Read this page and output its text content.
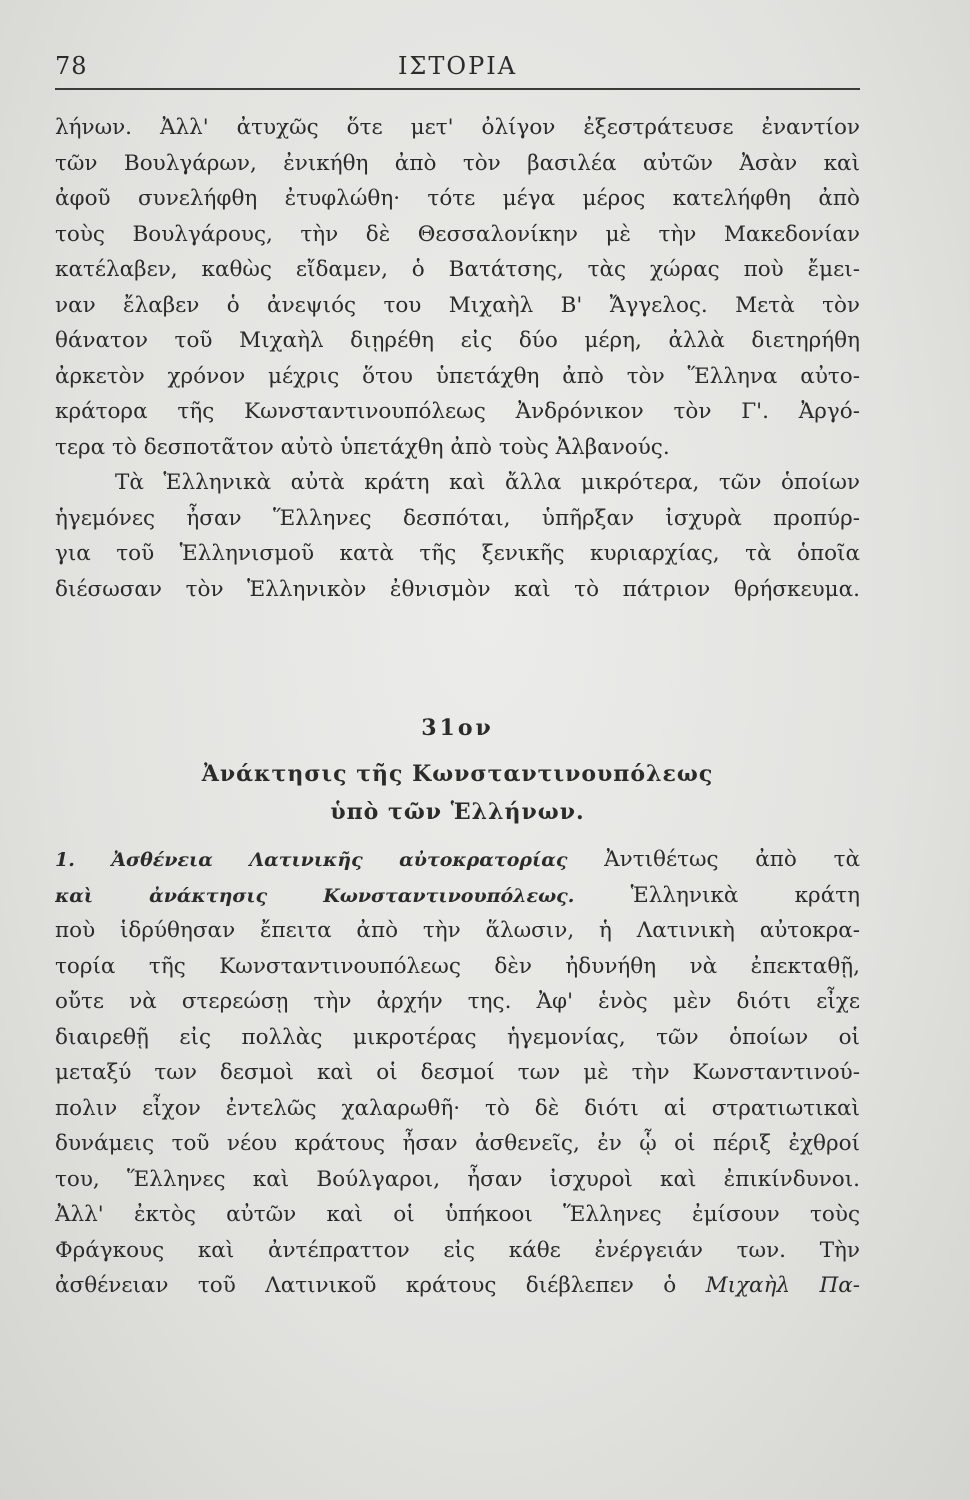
78	ΙΣΤΟΡΙΑ
λήνων. Ἀλλ' ἀτυχῶς ὅτε μετ' ὀλίγον ἐξεστράτευσε ἐναντίον
τῶν Βουλγάρων, ἐνικήθη ἀπὸ τὸν βασιλέα αὐτῶν Ἀσὰν καὶ
ἀφοῦ συνελήφθη ἐτυφλώθη· τότε μέγα μέρος κατελήφθη ἀπὸ
τοὺς Βουλγάρους, τὴν δὲ Θεσσαλονίκην μὲ τὴν Μακεδονίαν
κατέλαβεν, καθὼς εἴδαμεν, ὁ Βατάτσης, τὰς χώρας ποὺ ἔμει-
ναν ἔλαβεν ὁ ἀνεψιός του Μιχαὴλ Β' Ἄγγελος. Μετὰ τὸν
θάνατον τοῦ Μιχαὴλ διῃρέθη εἰς δύο μέρη, ἀλλὰ διετηρήθη
ἀρκετὸν χρόνον μέχρις ὅτου ὑπετάχθη ἀπὸ τὸν Ἕλληνα αὐτο-
κράτορα τῆς Κωνσταντινουπόλεως Ἀνδρόνικον τὸν Γ'. Ἀργό-
τερα τὸ δεσποτᾶτον αὐτὸ ὑπετάχθη ἀπὸ τοὺς Ἀλβανούς.
Τὰ Ἑλληνικὰ αὐτὰ κράτη καὶ ἄλλα μικρότερα, τῶν ὁποίων
ἡγεμόνες ἦσαν Ἕλληνες δεσπόται, ὑπῆρξαν ἰσχυρὰ προπύρ-
για τοῦ Ἑλληνισμοῦ κατὰ τῆς ξενικῆς κυριαρχίας, τὰ ὁποῖα
διέσωσαν τὸν Ἑλληνικὸν ἐθνισμὸν καὶ τὸ πάτριον θρήσκευμα.
31ον
Ἀνάκτησις τῆς Κωνσταντινουπόλεως
ὑπὸ τῶν Ἑλλήνων.
1. Ἀσθένεια Λατινικῆς αὐτοκρατορίας Ἀντιθέτως ἀπὸ τὰ
καὶ ἀνάκτησις Κωνσταντινουπόλεως.	Ἑλληνικὰ κράτη
ποὺ ἱδρύθησαν ἔπειτα ἀπὸ τὴν ἅλωσιν, ἡ Λατινικὴ αὐτοκρα-
τορία τῆς Κωνσταντινουπόλεως δὲν ἠδυνήθη νὰ ἐπεκταθῇ,
οὔτε νὰ στερεώσῃ τὴν ἀρχήν της. Ἀφ' ἑνὸς μὲν διότι εἶχε
διαιρεθῇ εἰς πολλὰς μικροτέρας ἡγεμονίας, τῶν ὁποίων οἱ
μεταξύ των δεσμοὶ καὶ οἱ δεσμοί των μὲ τὴν Κωνσταντινού-
πολιν εἶχον ἐντελῶς χαλαρωθῆ· τὸ δὲ διότι αἱ στρατιωτικαὶ
δυνάμεις τοῦ νέου κράτους ἦσαν ἀσθενεῖς, ἐν ᾧ οἱ πέριξ ἐχθροί
του, Ἕλληνες καὶ Βούλγαροι, ἦσαν ἰσχυροὶ καὶ ἐπικίνδυνοι.
Ἀλλ' ἐκτὸς αὐτῶν καὶ οἱ ὑπήκοοι Ἕλληνες ἐμίσουν τοὺς
Φράγκους καὶ ἀντέπραττον εἰς κάθε ἐνέργειάν των. Τὴν
ἀσθένειαν τοῦ Λατινικοῦ κράτους διέβλεπεν ὁ Μιχαὴλ Πα-
